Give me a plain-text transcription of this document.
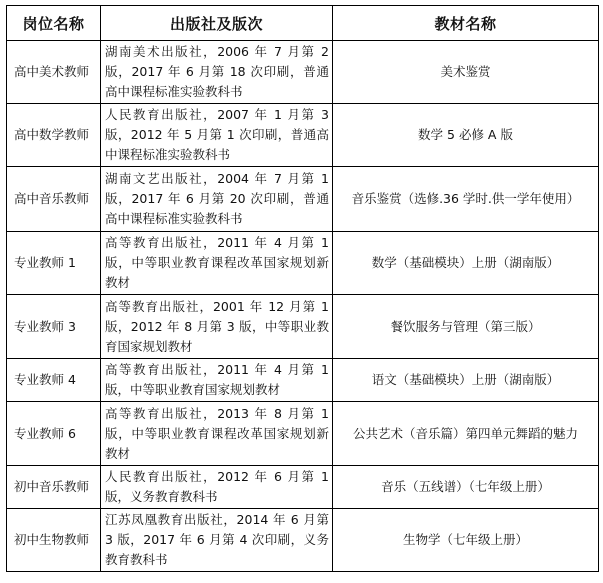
岗位名称	出版社及版次	教材名称
高中美术教师	湖南美术出版社，2006 年 7 月第 2 版，2017 年 6 月第 18 次印刷，普通高中课程标准实验教科书	美术鉴赏
高中数学教师	人民教育出版社，2007 年 1 月第 3 版，2012 年 5 月第 1 次印刷，普通高中课程标准实验教科书	数学 5 必修 A 版
高中音乐教师	湖南文艺出版社，2004 年 7 月第 1 版，2017 年 6 月第 20 次印刷，普通高中课程标准实验教科书	音乐鉴赏（选修.36 学时.供一学年使用）
专业教师 1	高等教育出版社，2011 年 4 月第 1 版，中等职业教育课程改革国家规划新教材	数学（基础模块）上册（湖南版）
专业教师 3	高等教育出版社，2001 年 12 月第 1 版，2012 年 8 月第 3 版，中等职业教育国家规划教材	餐饮服务与管理（第三版）
专业教师 4	高等教育出版社，2011 年 4 月第 1 版，中等职业教育国家规划教材	语文（基础模块）上册（湖南版）
专业教师 6	高等教育出版社，2013 年 8 月第 1 版，中等职业教育课程改革国家规划新教材	公共艺术（音乐篇）第四单元舞蹈的魅力
初中音乐教师	人民教育出版社，2012 年 6 月第 1 版，义务教育教科书	音乐（五线谱）（七年级上册）
初中生物教师	江苏凤凰教育出版社，2014 年 6 月第 3 版，2017 年 6 月第 4 次印刷，义务教育教科书	生物学（七年级上册）
